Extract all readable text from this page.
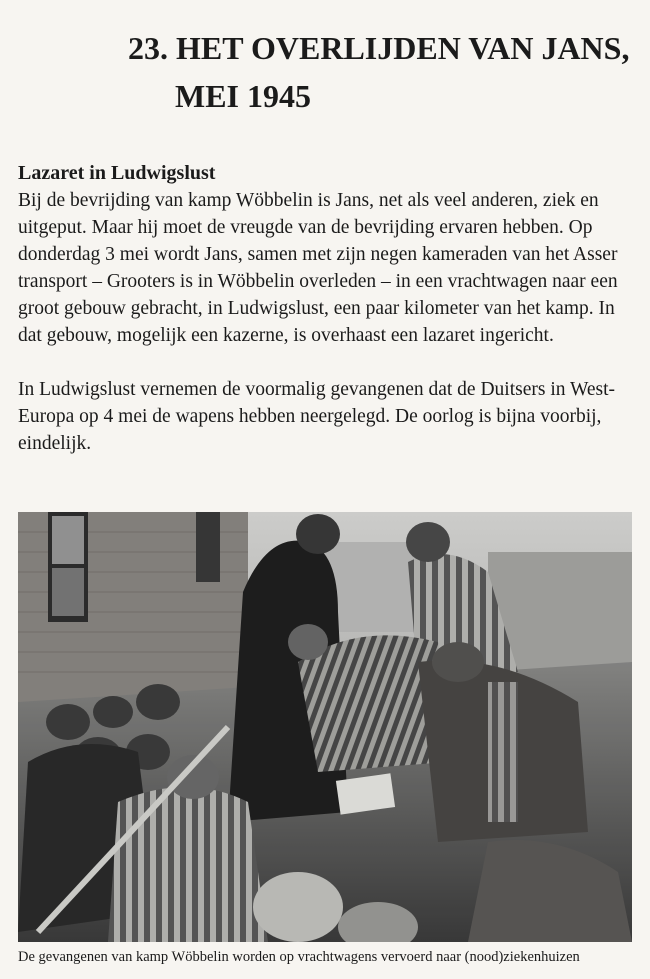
23. HET OVERLIJDEN VAN JANS,
MEI 1945

Lazaret in Ludwigslust

Bij de bevrijding van kamp Wöbbelin is Jans, net als veel anderen, ziek en uitgeput. Maar hij moet de vreugde van de bevrijding ervaren hebben. Op donderdag 3 mei wordt Jans, samen met zijn negen kameraden van het Asser transport – Grooters is in Wöbbelin overleden – in een vrachtwagen naar een groot gebouw gebracht, in Ludwigslust, een paar kilometer van het kamp. In dat gebouw, mogelijk een kazerne, is overhaast een lazaret ingericht.

In Ludwigslust vernemen de voormalig gevangenen dat de Duitsers in West-Europa op 4 mei de wapens hebben neergelegd. De oorlog is bijna voorbij, eindelijk.

De gevangenen van kamp Wöbbelin worden op vrachtwagens vervoerd naar (nood)ziekenhuizen
